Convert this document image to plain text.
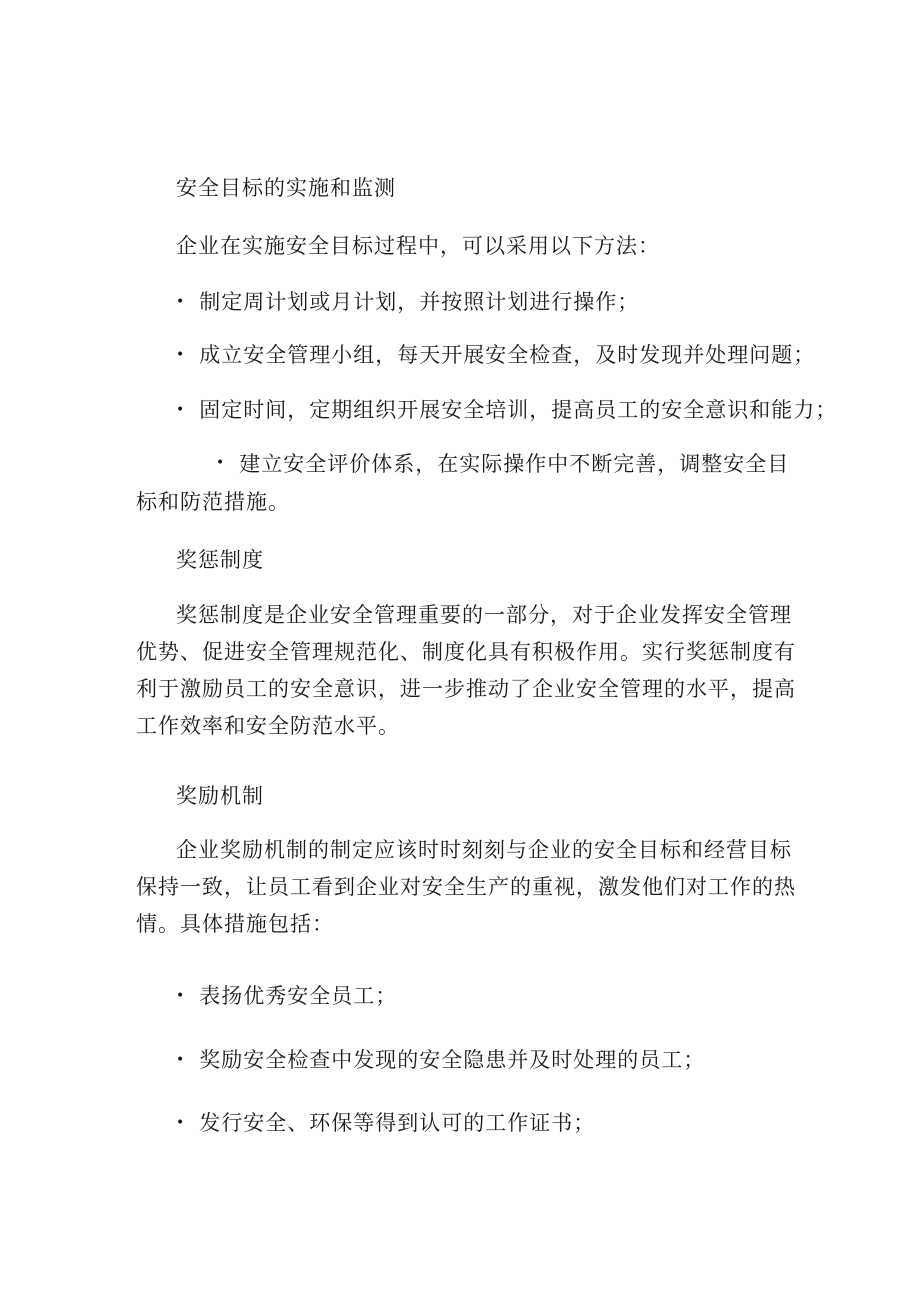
安全目标的实施和监测
企业在实施安全目标过程中，可以采用以下方法：
• 制定周计划或月计划，并按照计划进行操作；
• 成立安全管理小组，每天开展安全检查，及时发现并处理问题；
• 固定时间，定期组织开展安全培训，提高员工的安全意识和能力；
• 建立安全评价体系，在实际操作中不断完善，调整安全目标和防范措施。
奖惩制度
奖惩制度是企业安全管理重要的一部分，对于企业发挥安全管理优势、促进安全管理规范化、制度化具有积极作用。实行奖惩制度有利于激励员工的安全意识，进一步推动了企业安全管理的水平，提高工作效率和安全防范水平。
奖励机制
企业奖励机制的制定应该时时刻刻与企业的安全目标和经营目标保持一致，让员工看到企业对安全生产的重视，激发他们对工作的热情。具体措施包括：
• 表扬优秀安全员工；
• 奖励安全检查中发现的安全隐患并及时处理的员工；
• 发行安全、环保等得到认可的工作证书；
